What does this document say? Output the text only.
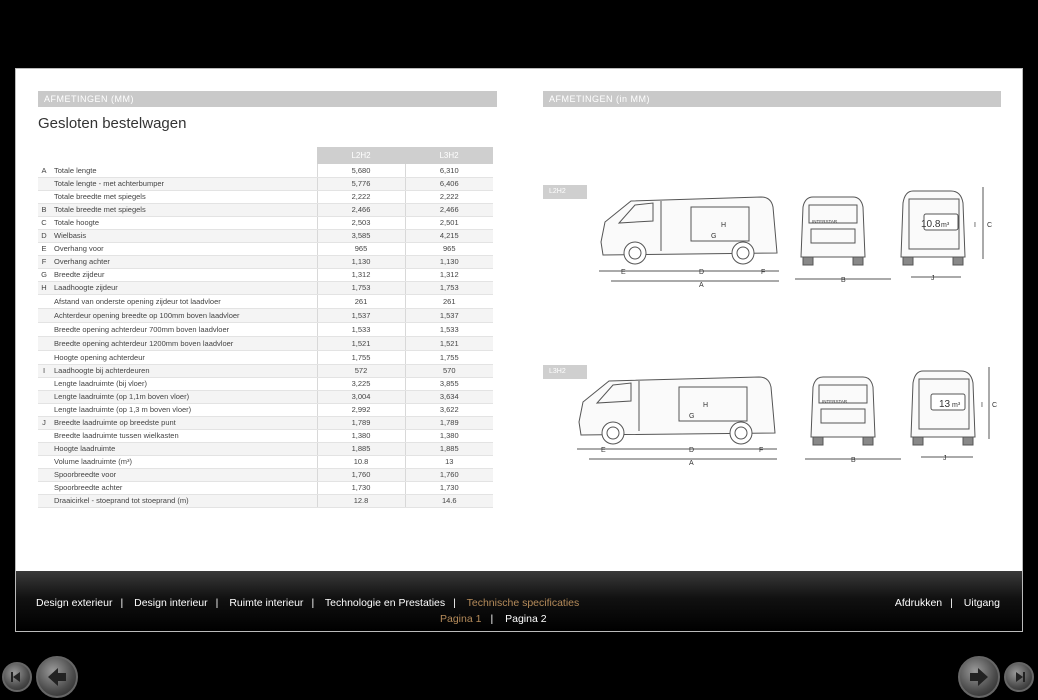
AFMETINGEN (MM)	AFMETINGEN (in MM)
Gesloten bestelwagen
		L2H2	L3H2
A	Totale lengte	5,680	6,310
	Totale lengte - met achterbumper	5,776	6,406
	Totale breedte met spiegels	2,222	2,222
B	Totale breedte met spiegels	2,466	2,466
C	Totale hoogte	2,503	2,501
D	Wielbasis	3,585	4,215
E	Overhang voor	965	965
F	Overhang achter	1,130	1,130
G	Breedte zijdeur	1,312	1,312
H	Laadhoogte zijdeur	1,753	1,753
	Afstand van onderste opening zijdeur tot laadvloer	261	261
	Achterdeur opening breedte op 100mm boven laadvloer	1,537	1,537
	Breedte opening achterdeur 700mm boven laadvloer	1,533	1,533
	Breedte opening achterdeur 1200mm boven laadvloer	1,521	1,521
	Hoogte opening achterdeur	1,755	1,755
I	Laadhoogte bij achterdeuren	572	570
	Lengte laadruimte (bij vloer)	3,225	3,855
	Lengte laadruimte (op 1,1m boven vloer)	3,004	3,634
	Lengte laadruimte (op 1,3 m boven vloer)	2,992	3,622
J	Breedte laadruimte op breedste punt	1,789	1,789
	Breedte laadruimte tussen wielkasten	1,380	1,380
	Hoogte laadruimte	1,885	1,885
	Volume laadruimte (m³)	10.8	13
	Spoorbreedte voor	1,760	1,760
	Spoorbreedte achter	1,730	1,730
	Draaicirkel - stoeprand tot stoeprand (m)	12.8	14.6
L2H2
10.8 m³
INTERSTAR
E	D	F
A
B	J
G
H	I C
L3H2
13 m³
INTERSTAR
E	D	F
A	B	J
G
H	I C
Design exterieur | Design interieur | Ruimte interieur | Technologie en Prestaties | Technische specificaties
Pagina 1 | Pagina 2
Afdrukken | Uitgang
